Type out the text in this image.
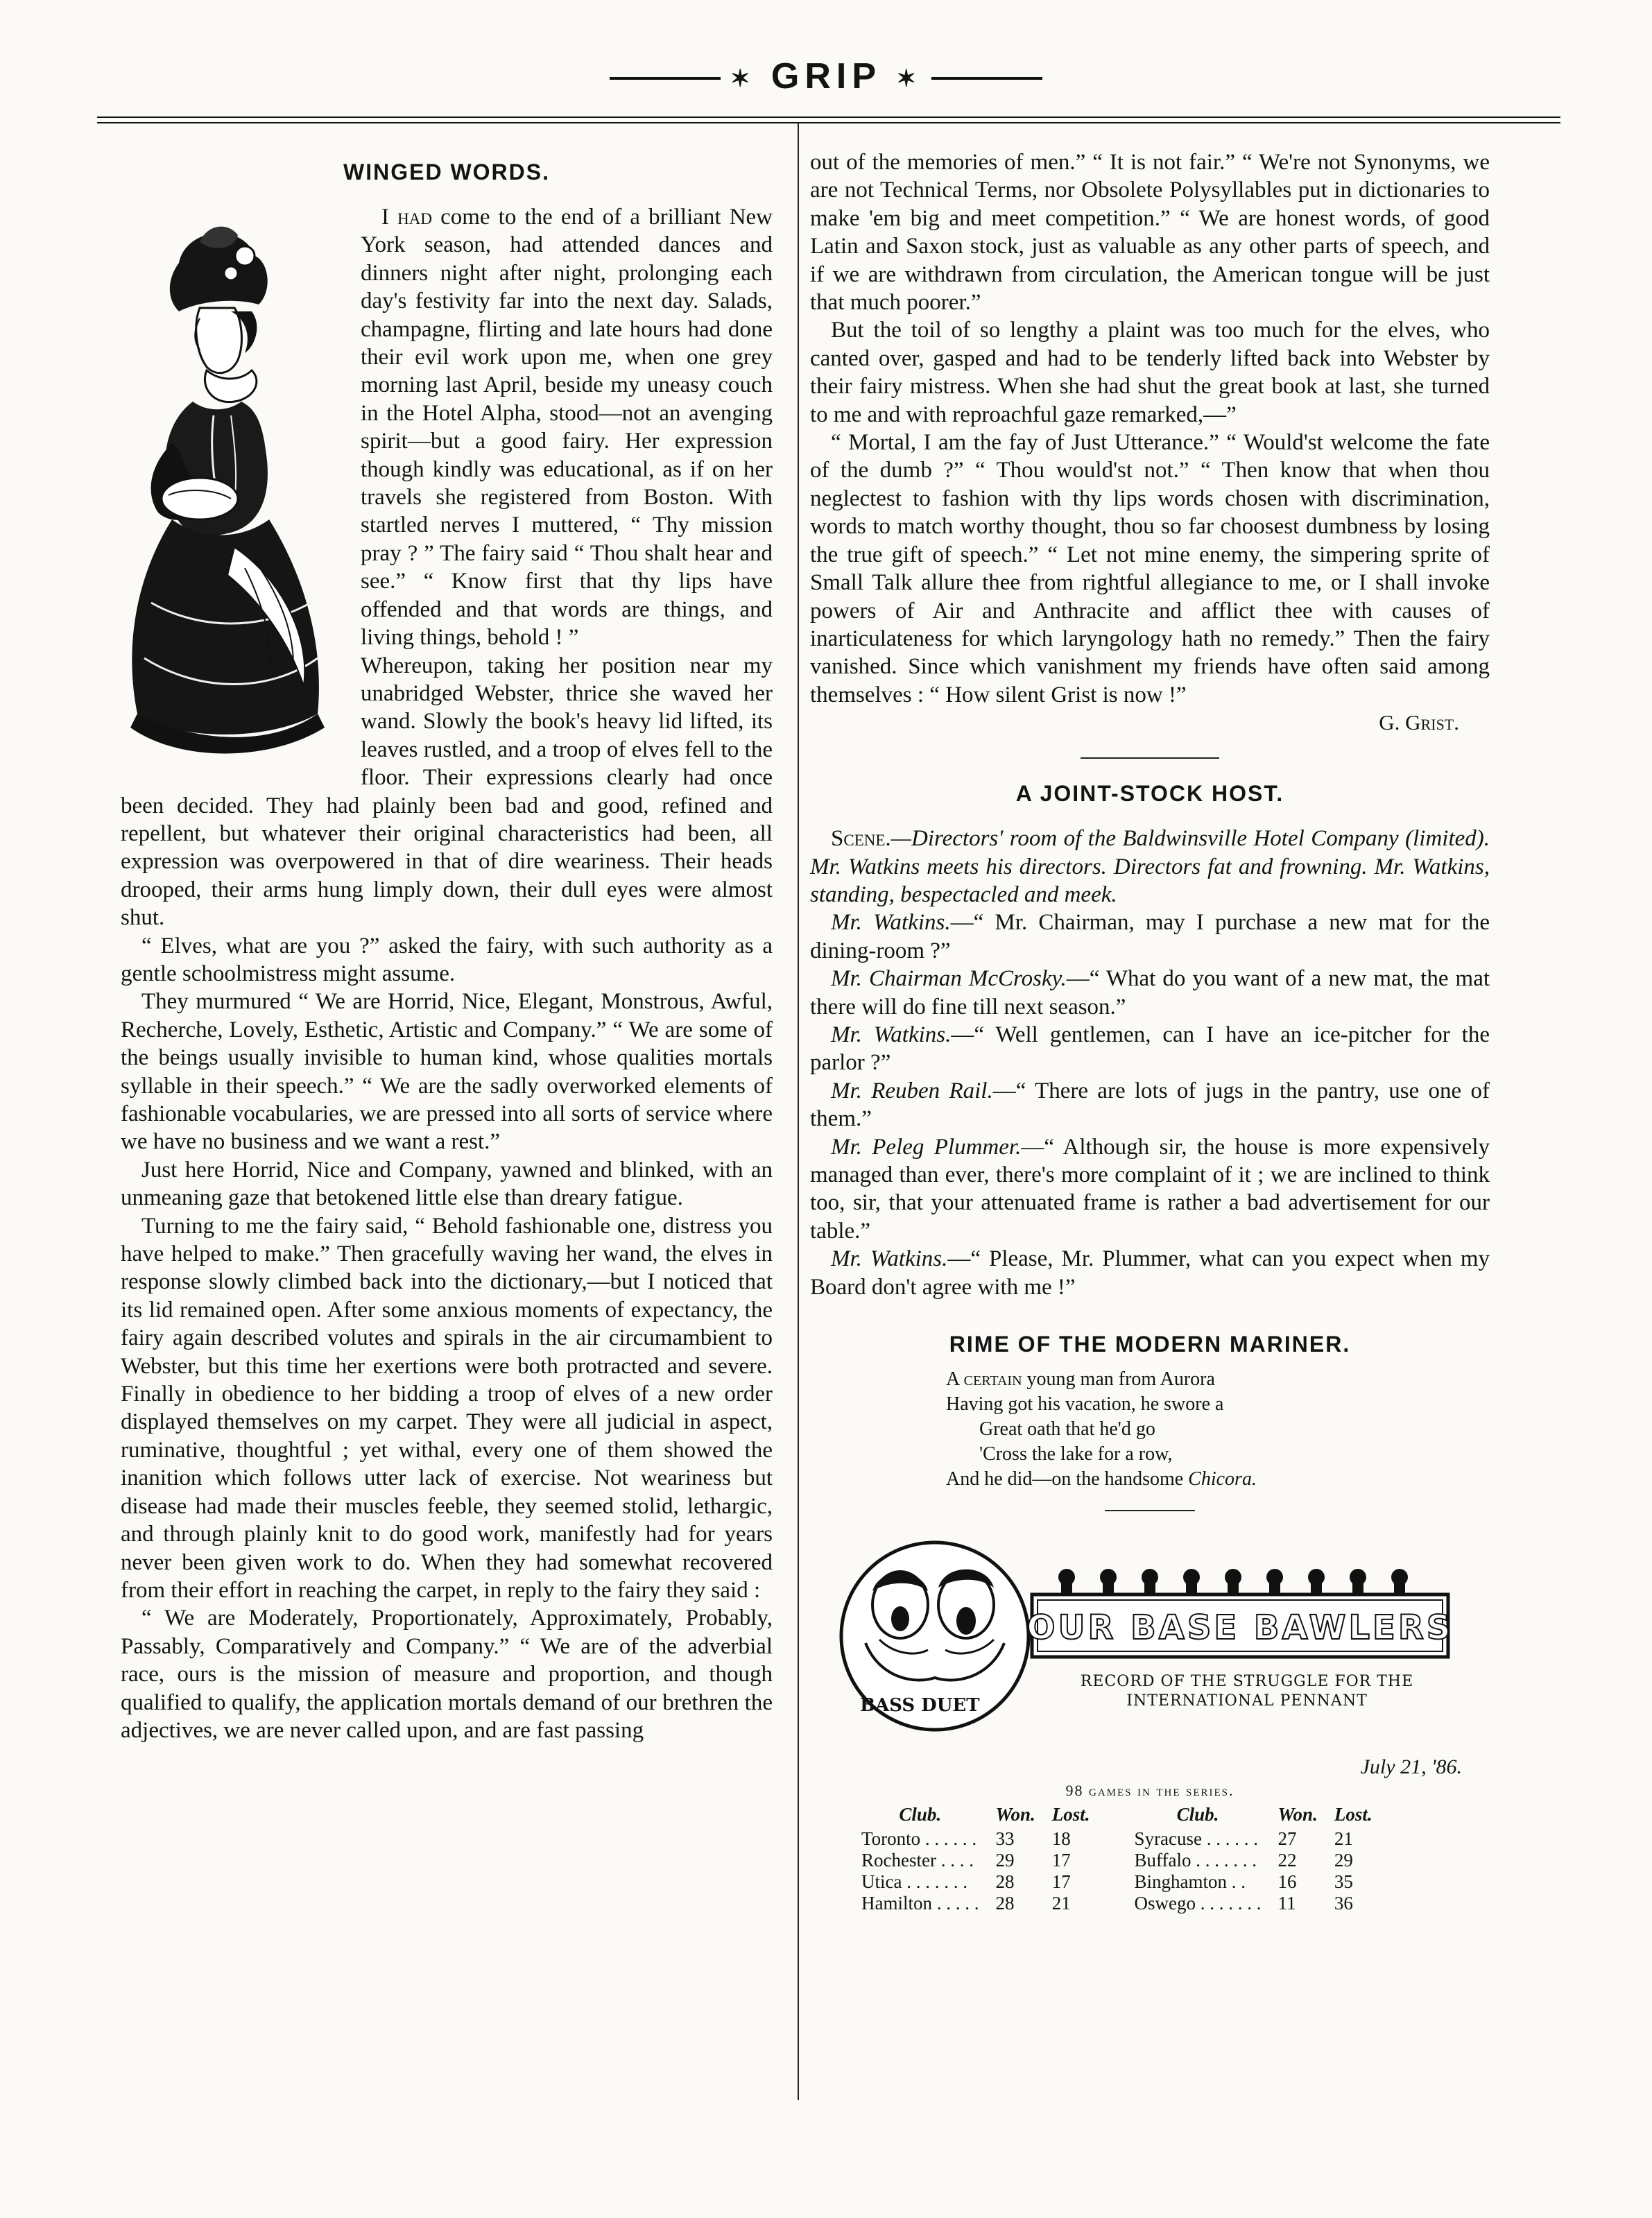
✶ GRIP ✶
WINGED WORDS.

I had come to the end of a brilliant New York season, had attended dances and dinners night after night, prolonging each day's festivity far into the next day. Salads, champagne, flirting and late hours had done their evil work upon me, when one grey morning last April, beside my uneasy couch in the Hotel Alpha, stood—not an avenging spirit—but a good fairy. Her expression though kindly was educational, as if on her travels she registered from Boston. With startled nerves I muttered, “ Thy mission pray ? ” The fairy said “ Thou shalt hear and see.” “ Know first that thy lips have offended and that words are things, and living things, behold ! ”

Whereupon, taking her position near my unabridged Webster, thrice she waved her wand. Slowly the book's heavy lid lifted, its leaves rustled, and a troop of elves fell to the floor. Their expressions clearly had once been decided. They had plainly been bad and good, refined and repellent, but whatever their original characteristics had been, all expression was overpowered in that of dire weariness. Their heads drooped, their arms hung limply down, their dull eyes were almost shut.

“ Elves, what are you ?” asked the fairy, with such authority as a gentle schoolmistress might assume.

They murmured “ We are Horrid, Nice, Elegant, Monstrous, Awful, Recherche, Lovely, Esthetic, Artistic and Company.” “ We are some of the beings usually invisible to human kind, whose qualities mortals syllable in their speech.” “ We are the sadly overworked elements of fashionable vocabularies, we are pressed into all sorts of service where we have no business and we want a rest.”

Just here Horrid, Nice and Company, yawned and blinked, with an unmeaning gaze that betokened little else than dreary fatigue.

Turning to me the fairy said, “ Behold fashionable one, distress you have helped to make.” Then gracefully waving her wand, the elves in response slowly climbed back into the dictionary,—but I noticed that its lid remained open. After some anxious moments of expectancy, the fairy again described volutes and spirals in the air circumambient to Webster, but this time her exertions were both protracted and severe. Finally in obedience to her bidding a troop of elves of a new order displayed themselves on my carpet. They were all judicial in aspect, ruminative, thoughtful ; yet withal, every one of them showed the inanition which follows utter lack of exercise. Not weariness but disease had made their muscles feeble, they seemed stolid, lethargic, and through plainly knit to do good work, manifestly had for years never been given work to do. When they had somewhat recovered from their effort in reaching the carpet, in reply to the fairy they said :

“ We are Moderately, Proportionately, Approximately, Probably, Passably, Comparatively and Company.” “ We are of the adverbial race, ours is the mission of measure and proportion, and though qualified to qualify, the application mortals demand of our brethren the adjectives, we are never called upon, and are fast passing

out of the memories of men.” “ It is not fair.” “ We're not Synonyms, we are not Technical Terms, nor Obsolete Polysyllables put in dictionaries to make 'em big and meet competition.” “ We are honest words, of good Latin and Saxon stock, just as valuable as any other parts of speech, and if we are withdrawn from circulation, the American tongue will be just that much poorer.”

But the toil of so lengthy a plaint was too much for the elves, who canted over, gasped and had to be tenderly lifted back into Webster by their fairy mistress. When she had shut the great book at last, she turned to me and with reproachful gaze remarked,—”

“ Mortal, I am the fay of Just Utterance.” “ Would'st welcome the fate of the dumb ?” “ Thou would'st not.” “ Then know that when thou neglectest to fashion with thy lips words chosen with discrimination, words to match worthy thought, thou so far choosest dumbness by losing the true gift of speech.” “ Let not mine enemy, the simpering sprite of Small Talk allure thee from rightful allegiance to me, or I shall invoke powers of Air and Anthracite and afflict thee with causes of inarticulateness for which laryngology hath no remedy.” Then the fairy vanished. Since which vanishment my friends have often said among themselves : “ How silent Grist is now !”

G. Grist.
A JOINT-STOCK HOST.

Scene.—Directors' room of the Baldwinsville Hotel Company (limited). Mr. Watkins meets his directors. Directors fat and frowning. Mr. Watkins, standing, bespectacled and meek.

Mr. Watkins.—“ Mr. Chairman, may I purchase a new mat for the dining-room ?”

Mr. Chairman McCrosky.—“ What do you want of a new mat, the mat there will do fine till next season.”

Mr. Watkins.—“ Well gentlemen, can I have an ice-pitcher for the parlor ?”

Mr. Reuben Rail.—“ There are lots of jugs in the pantry, use one of them.”

Mr. Peleg Plummer.—“ Although sir, the house is more expensively managed than ever, there's more complaint of it ; we are inclined to think too, sir, that your attenuated frame is rather a bad advertisement for our table.”

Mr. Watkins.—“ Please, Mr. Plummer, what can you expect when my Board don't agree with me !”

RIME OF THE MODERN MARINER.
A certain young man from Aurora
Having got his vacation, he swore a
Great oath that he'd go
'Cross the lake for a row,
And he did—on the handsome Chicora.
BASS DUET
OUR BASE BAWLERS
RECORD OF THE STRUGGLE FOR THE
INTERNATIONAL PENNANT
July 21, '86.
98 games in the series.
Club.	Won.	Lost.
Toronto . . . . . .	33	18
Rochester . . . .	29	17
Utica . . . . . . .	28	17
Hamilton . . . . .	28	21
Club.	Won.	Lost.
Syracuse . . . . . .	27	21
Buffalo . . . . . . .	22	29
Binghamton . .	16	35
Oswego . . . . . . .	11	36
